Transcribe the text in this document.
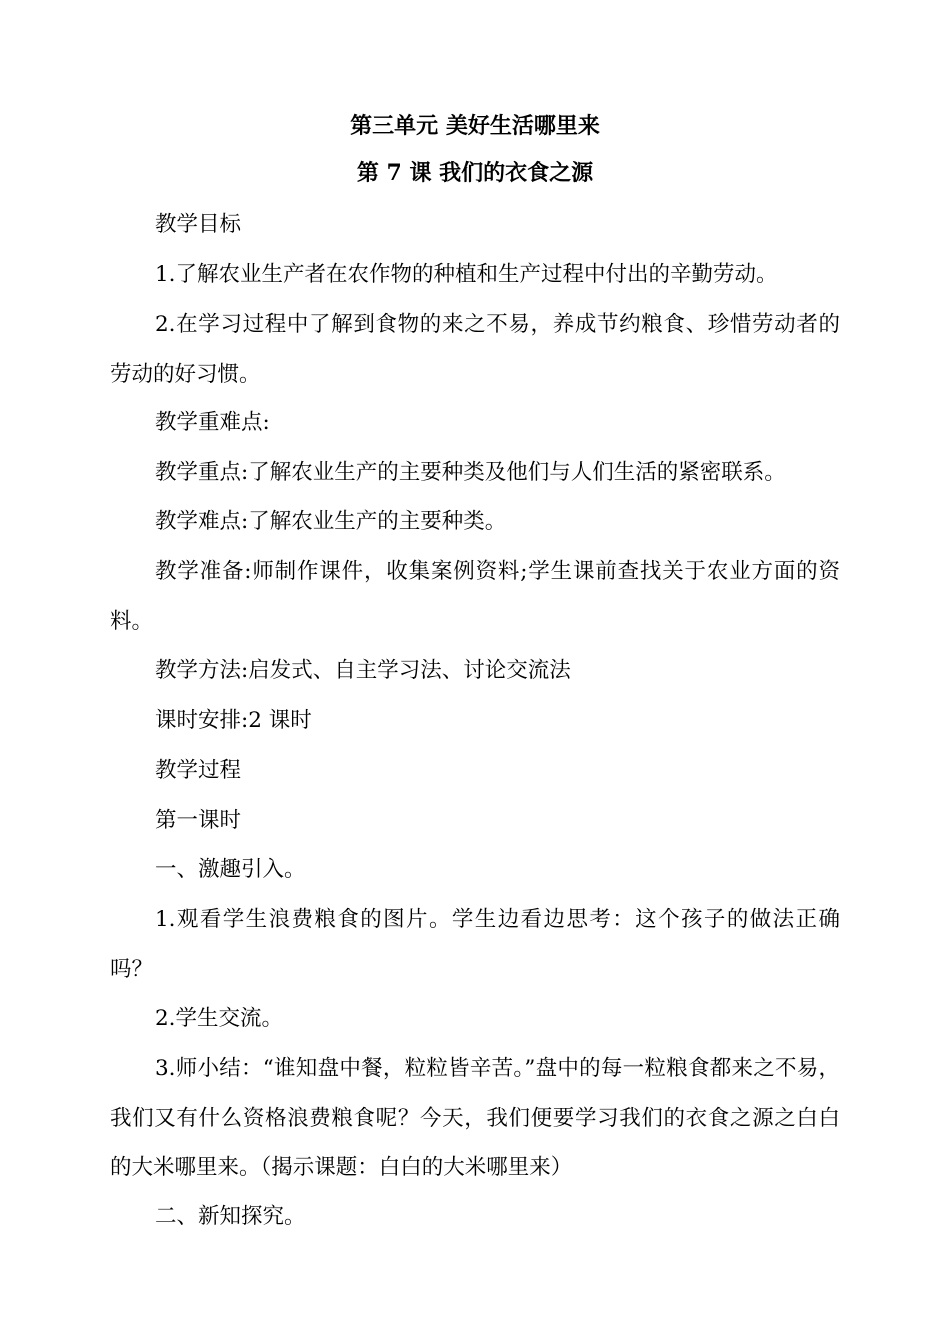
第三单元 美好生活哪里来
第 7 课 我们的衣食之源

教学目标

1.了解农业生产者在农作物的种植和生产过程中付出的辛勤劳动。

2.在学习过程中了解到食物的来之不易，养成节约粮食、珍惜劳动者的劳动的好习惯。

教学重难点:

教学重点:了解农业生产的主要种类及他们与人们生活的紧密联系。

教学难点:了解农业生产的主要种类。

教学准备:师制作课件，收集案例资料;学生课前查找关于农业方面的资料。

教学方法:启发式、自主学习法、讨论交流法

课时安排:2 课时

教学过程

第一课时

一、激趣引入。

1.观看学生浪费粮食的图片。学生边看边思考：这个孩子的做法正确吗？

2.学生交流。

3.师小结：“谁知盘中餐，粒粒皆辛苦。”盘中的每一粒粮食都来之不易，我们又有什么资格浪费粮食呢？今天，我们便要学习我们的衣食之源之白白的大米哪里来。（揭示课题：白白的大米哪里来）

二、新知探究。
